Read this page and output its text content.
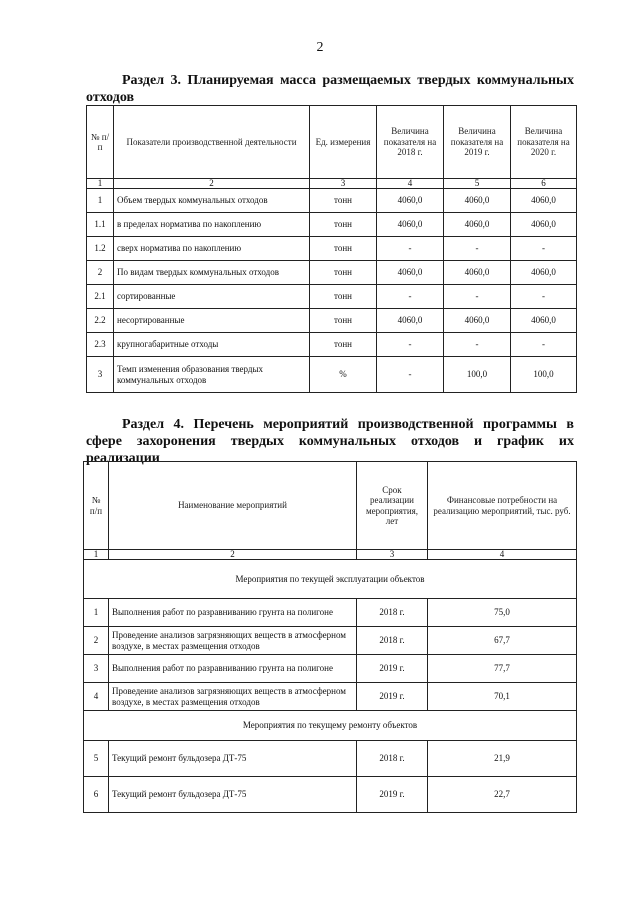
2
Раздел 3. Планируемая масса размещаемых твердых коммунальных
отходов
№ п/п	Показатели производственной деятельности	Ед. измерения	Величина показателя на 2018 г.	Величина показателя на 2019 г.	Величина показателя на 2020 г.
1	2	3	4	5	6
1	Объем твердых коммунальных отходов	тонн	4060,0	4060,0	4060,0
1.1	в пределах норматива по накоплению	тонн	4060,0	4060,0	4060,0
1.2	сверх норматива по накоплению	тонн	-	-	-
2	По видам твердых коммунальных отходов	тонн	4060,0	4060,0	4060,0
2.1	сортированные	тонн	-	-	-
2.2	несортированные	тонн	4060,0	4060,0	4060,0
2.3	крупногабаритные отходы	тонн	-	-	-
3	Темп изменения образования твердых коммунальных отходов	%	-	100,0	100,0
Раздел 4. Перечень мероприятий производственной программы в
сфере захоронения твердых коммунальных отходов и график их
реализации
№ п/п	Наименование мероприятий	Срок реализации мероприятия, лет	Финансовые потребности на реализацию мероприятий, тыс. руб.
1	2	3	4
Мероприятия по текущей эксплуатации объектов			
1	Выполнения работ по разравниванию грунта на полигоне	2018 г.	75,0
2	Проведение анализов загрязняющих веществ в атмосферном воздухе, в местах размещения отходов	2018 г.	67,7
3	Выполнения работ по разравниванию грунта на полигоне	2019 г.	77,7
4	Проведение анализов загрязняющих веществ в атмосферном воздухе, в местах размещения отходов	2019 г.	70,1
Мероприятия по текущему ремонту объектов			
5	Текущий ремонт бульдозера ДТ-75	2018 г.	21,9
6	Текущий ремонт бульдозера ДТ-75	2019 г.	22,7
